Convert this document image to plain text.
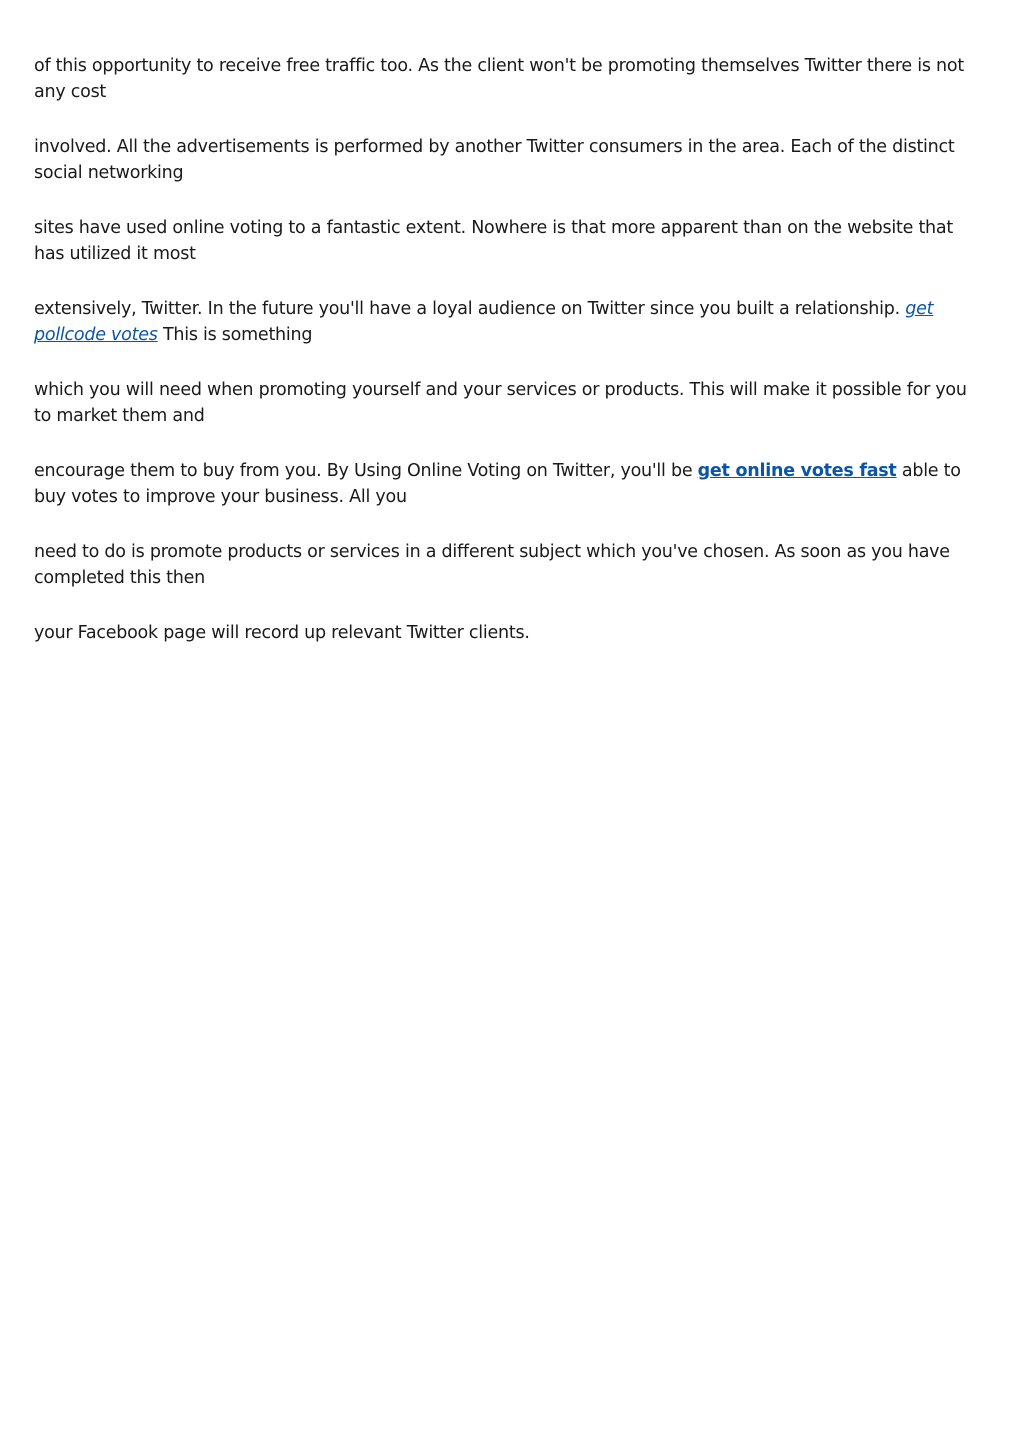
of this opportunity to receive free traffic too. As the client won't be promoting themselves Twitter there is not any cost

involved. All the advertisements is performed by another Twitter consumers in the area. Each of the distinct social networking

sites have used online voting to a fantastic extent. Nowhere is that more apparent than on the website that has utilized it most

extensively, Twitter. In the future you'll have a loyal audience on Twitter since you built a relationship. get pollcode votes This is something

which you will need when promoting yourself and your services or products. This will make it possible for you to market them and

encourage them to buy from you. By Using Online Voting on Twitter, you'll be get online votes fast able to buy votes to improve your business. All you

need to do is promote products or services in a different subject which you've chosen. As soon as you have completed this then

your Facebook page will record up relevant Twitter clients.
